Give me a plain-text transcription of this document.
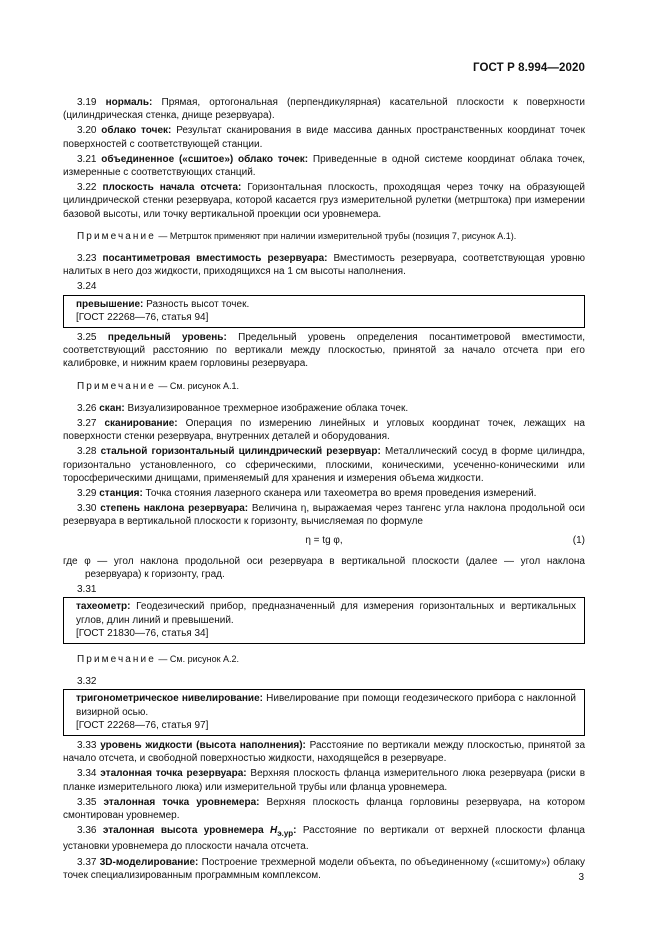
ГОСТ Р 8.994—2020

3.19 нормаль: Прямая, ортогональная (перпендикулярная) касательной плоскости к поверхности (цилиндрическая стенка, днище резервуара).

3.20 облако точек: Результат сканирования в виде массива данных пространственных координат точек поверхностей с соответствующей станции.

3.21 объединенное («сшитое») облако точек: Приведенные в одной системе координат облака точек, измеренные с соответствующих станций.

3.22 плоскость начала отсчета: Горизонтальная плоскость, проходящая через точку на образующей цилиндрической стенки резервуара, которой касается груз измерительной рулетки (метрштока) при измерении базовой высоты, или точку вертикальной проекции оси уровнемера.

Примечание — Метршток применяют при наличии измерительной трубы (позиция 7, рисунок А.1).

3.23 посантиметровая вместимость резервуара: Вместимость резервуара, соответствующая уровню налитых в него доз жидкости, приходящихся на 1 см высоты наполнения.

3.24

превышение: Разность высот точек.

[ГОСТ 22268—76, статья 94]

3.25 предельный уровень: Предельный уровень определения посантиметровой вместимости, соответствующий расстоянию по вертикали между плоскостью, принятой за начало отсчета при его калибровке, и нижним краем горловины резервуара.

Примечание — См. рисунок А.1.

3.26 скан: Визуализированное трехмерное изображение облака точек.

3.27 сканирование: Операция по измерению линейных и угловых координат точек, лежащих на поверхности стенки резервуара, внутренних деталей и оборудования.

3.28 стальной горизонтальный цилиндрический резервуар: Металлический сосуд в форме цилиндра, горизонтально установленного, со сферическими, плоскими, коническими, усеченно-коническими или торосферическими днищами, применяемый для хранения и измерения объема жидкости.

3.29 станция: Точка стояния лазерного сканера или тахеометра во время проведения измерений.

3.30 степень наклона резервуара: Величина η, выражаемая через тангенс угла наклона продольной оси резервуара в вертикальной плоскости к горизонту, вычисляемая по формуле

η = tg φ,	(1)

где φ — угол наклона продольной оси резервуара в вертикальной плоскости (далее — угол наклона резервуара) к горизонту, град.

3.31

тахеометр: Геодезический прибор, предназначенный для измерения горизонтальных и вертикальных углов, длин линий и превышений.

[ГОСТ 21830—76, статья 34]

Примечание — См. рисунок А.2.

3.32

тригонометрическое нивелирование: Нивелирование при помощи геодезического прибора с наклонной визирной осью.

[ГОСТ 22268—76, статья 97]

3.33 уровень жидкости (высота наполнения): Расстояние по вертикали между плоскостью, принятой за начало отсчета, и свободной поверхностью жидкости, находящейся в резервуаре.

3.34 эталонная точка резервуара: Верхняя плоскость фланца измерительного люка резервуара (риски в планке измерительного люка) или измерительной трубы или фланца уровнемера.

3.35 эталонная точка уровнемера: Верхняя плоскость фланца горловины резервуара, на котором смонтирован уровнемер.

3.36 эталонная высота уровнемера $H_{э.ур}$: Расстояние по вертикали от верхней плоскости фланца установки уровнемера до плоскости начала отсчета.

3.37 3D-моделирование: Построение трехмерной модели объекта, по объединенному («сшитому») облаку точек специализированным программным комплексом.	3
